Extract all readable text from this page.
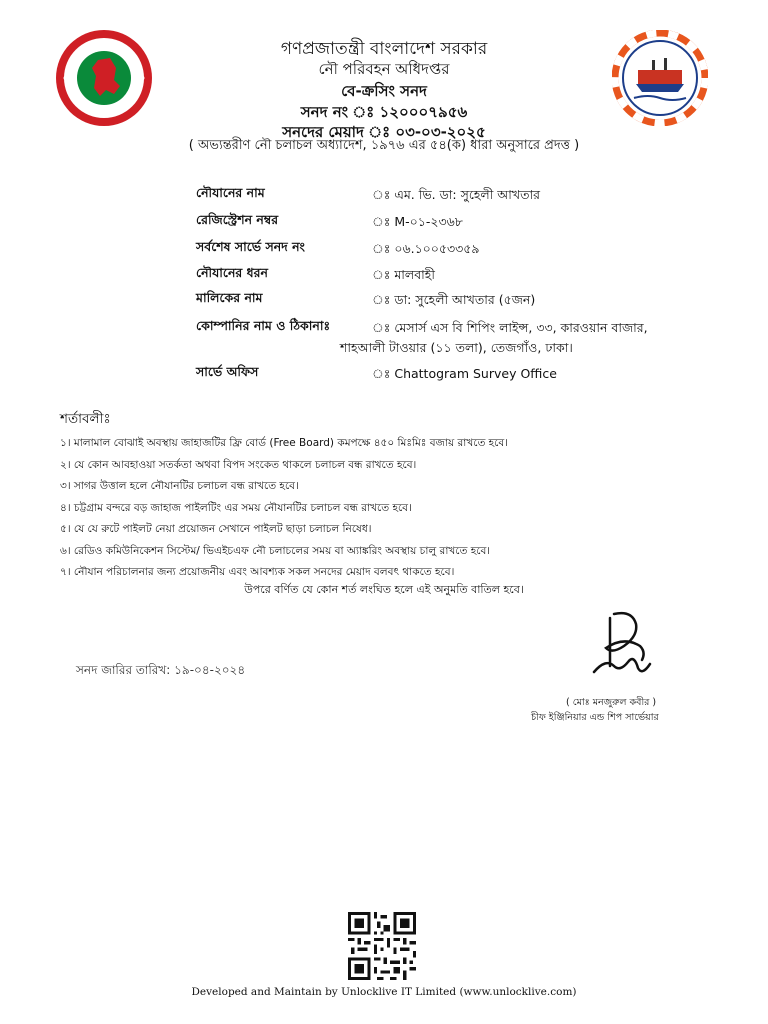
গণপ্রজাতন্ত্রী বাংলাদেশ সরকার
নৌ পরিবহন অধিদপ্তর
বে-ক্রসিং সনদ
সনদ নং ঃ ১২০০০৭৯৫৬
সনদের মেয়াদ ঃ ০৩-০৩-২০২৫
( অভ্যন্তরীণ নৌ চলাচল অধ্যাদেশ, ১৯৭৬ এর ৫৪(ক) ধারা অনুসারে প্রদত্ত )
নৌযানের নাম	ঃ এম. ভি. ডা: সুহেলী আখতার
রেজিস্ট্রেশন নম্বর	ঃ M-০১-২৩৬৮
সর্বশেষ সার্ভে সনদ নং	ঃ ০৬.১০০৫৩৩৫৯
নৌযানের ধরন	ঃ মালবাহী
মালিকের নাম	ঃ ডা: সুহেলী আখতার (৫জন)
কোম্পানির নাম ও ঠিকানাঃ	ঃ মেসার্স এস বি শিপিং লাইন্স, ৩৩, কারওয়ান বাজার, শাহআলী টাওয়ার (১১ তলা), তেজগাঁও, ঢাকা।
সার্ভে অফিস	ঃ Chattogram Survey Office
শর্তাবলীঃ
১। মালামাল বোঝাই অবস্থায় জাহাজটির ফ্রি বোর্ড (Free Board) কমপক্ষে ৪৫০ মিঃমিঃ বজায় রাখতে হবে।
২। যে কোন আবহাওয়া সতর্কতা অথবা বিপদ সংকেত থাকলে চলাচল বন্ধ রাখতে হবে।
৩। সাগর উত্তাল হলে নৌযানটির চলাচল বন্ধ রাখতে হবে।
৪। চট্টগ্রাম বন্দরে বড় জাহাজ পাইলটিং এর সময় নৌযানটির চলাচল বন্ধ রাখতে হবে।
৫। যে যে রুটে পাইলট নেয়া প্রয়োজন সেখানে পাইলট ছাড়া চলাচল নিষেধ।
৬। রেডিও কমিউনিকেশন সিস্টেম/ ভিএইচএফ নৌ চলাচলের সময় বা অ্যাঙ্করিং অবস্থায় চালু রাখতে হবে।
৭। নৌযান পরিচালনার জন্য প্রয়োজনীয় এবং আবশ্যক সকল সনদের মেয়াদ বলবৎ থাকতে হবে।
উপরে বর্ণিত যে কোন শর্ত লংঘিত হলে এই অনুমতি বাতিল হবে।
সনদ জারির তারিখ: ১৯-০৪-২০২৪
( মোঃ মনজুরুল কবীর )
চীফ ইঞ্জিনিয়ার এন্ড শিপ সার্ভেয়ার
Developed and Maintain by Unlocklive IT Limited (www.unlocklive.com)
